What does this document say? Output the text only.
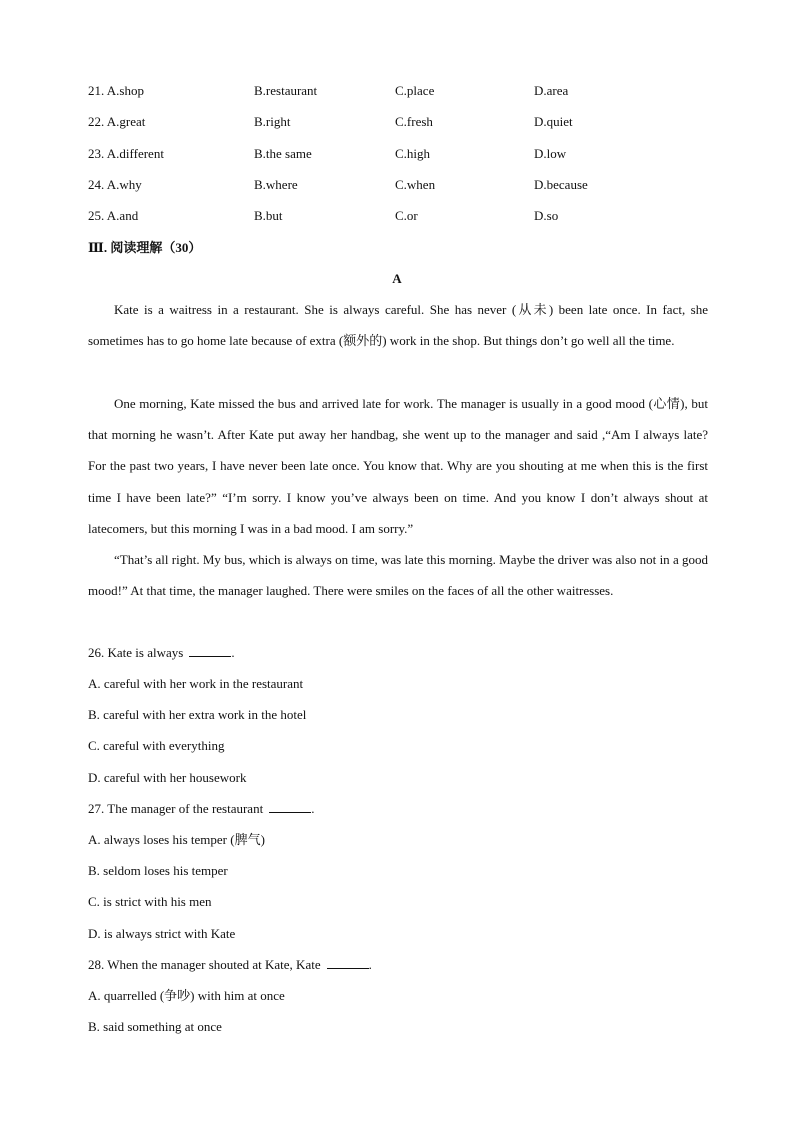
21. A.shop	B.restaurant	C.place	D.area
22. A.great	B.right	C.fresh	D.quiet
23. A.different	B.the same	C.high	D.low
24. A.why	B.where	C.when	D.because
25. A.and	B.but	C.or	D.so
Ⅲ. 阅读理解（30）
A

Kate is a waitress in a restaurant. She is always careful. She has never (从未) been late once. In fact, she sometimes has to go home late because of extra (额外的) work in the shop. But things don’t go well all the time.

One morning, Kate missed the bus and arrived late for work. The manager is usually in a good mood (心情), but that morning he wasn’t. After Kate put away her handbag, she went up to the manager and said ,“Am I always late? For the past two years, I have never been late once. You know that. Why are you shouting at me when this is the first time I have been late?” “I’m sorry. I know you’ve always been on time. And you know I don’t always shout at latecomers, but this morning I was in a bad mood. I am sorry.”

“That’s all right. My bus, which is always on time, was late this morning. Maybe the driver was also not in a good mood!” At that time, the manager laughed. There were smiles on the faces of all the other waitresses.

26. Kate is always	.
A. careful with her work in the restaurant
B. careful with her extra work in the hotel
C. careful with everything
D. careful with her housework
27. The manager of the restaurant	.
A. always loses his temper (脾气)
B. seldom loses his temper
C. is strict with his men
D. is always strict with Kate
28. When the manager shouted at Kate, Kate	.
A. quarrelled (争吵) with him at once
B. said something at once
